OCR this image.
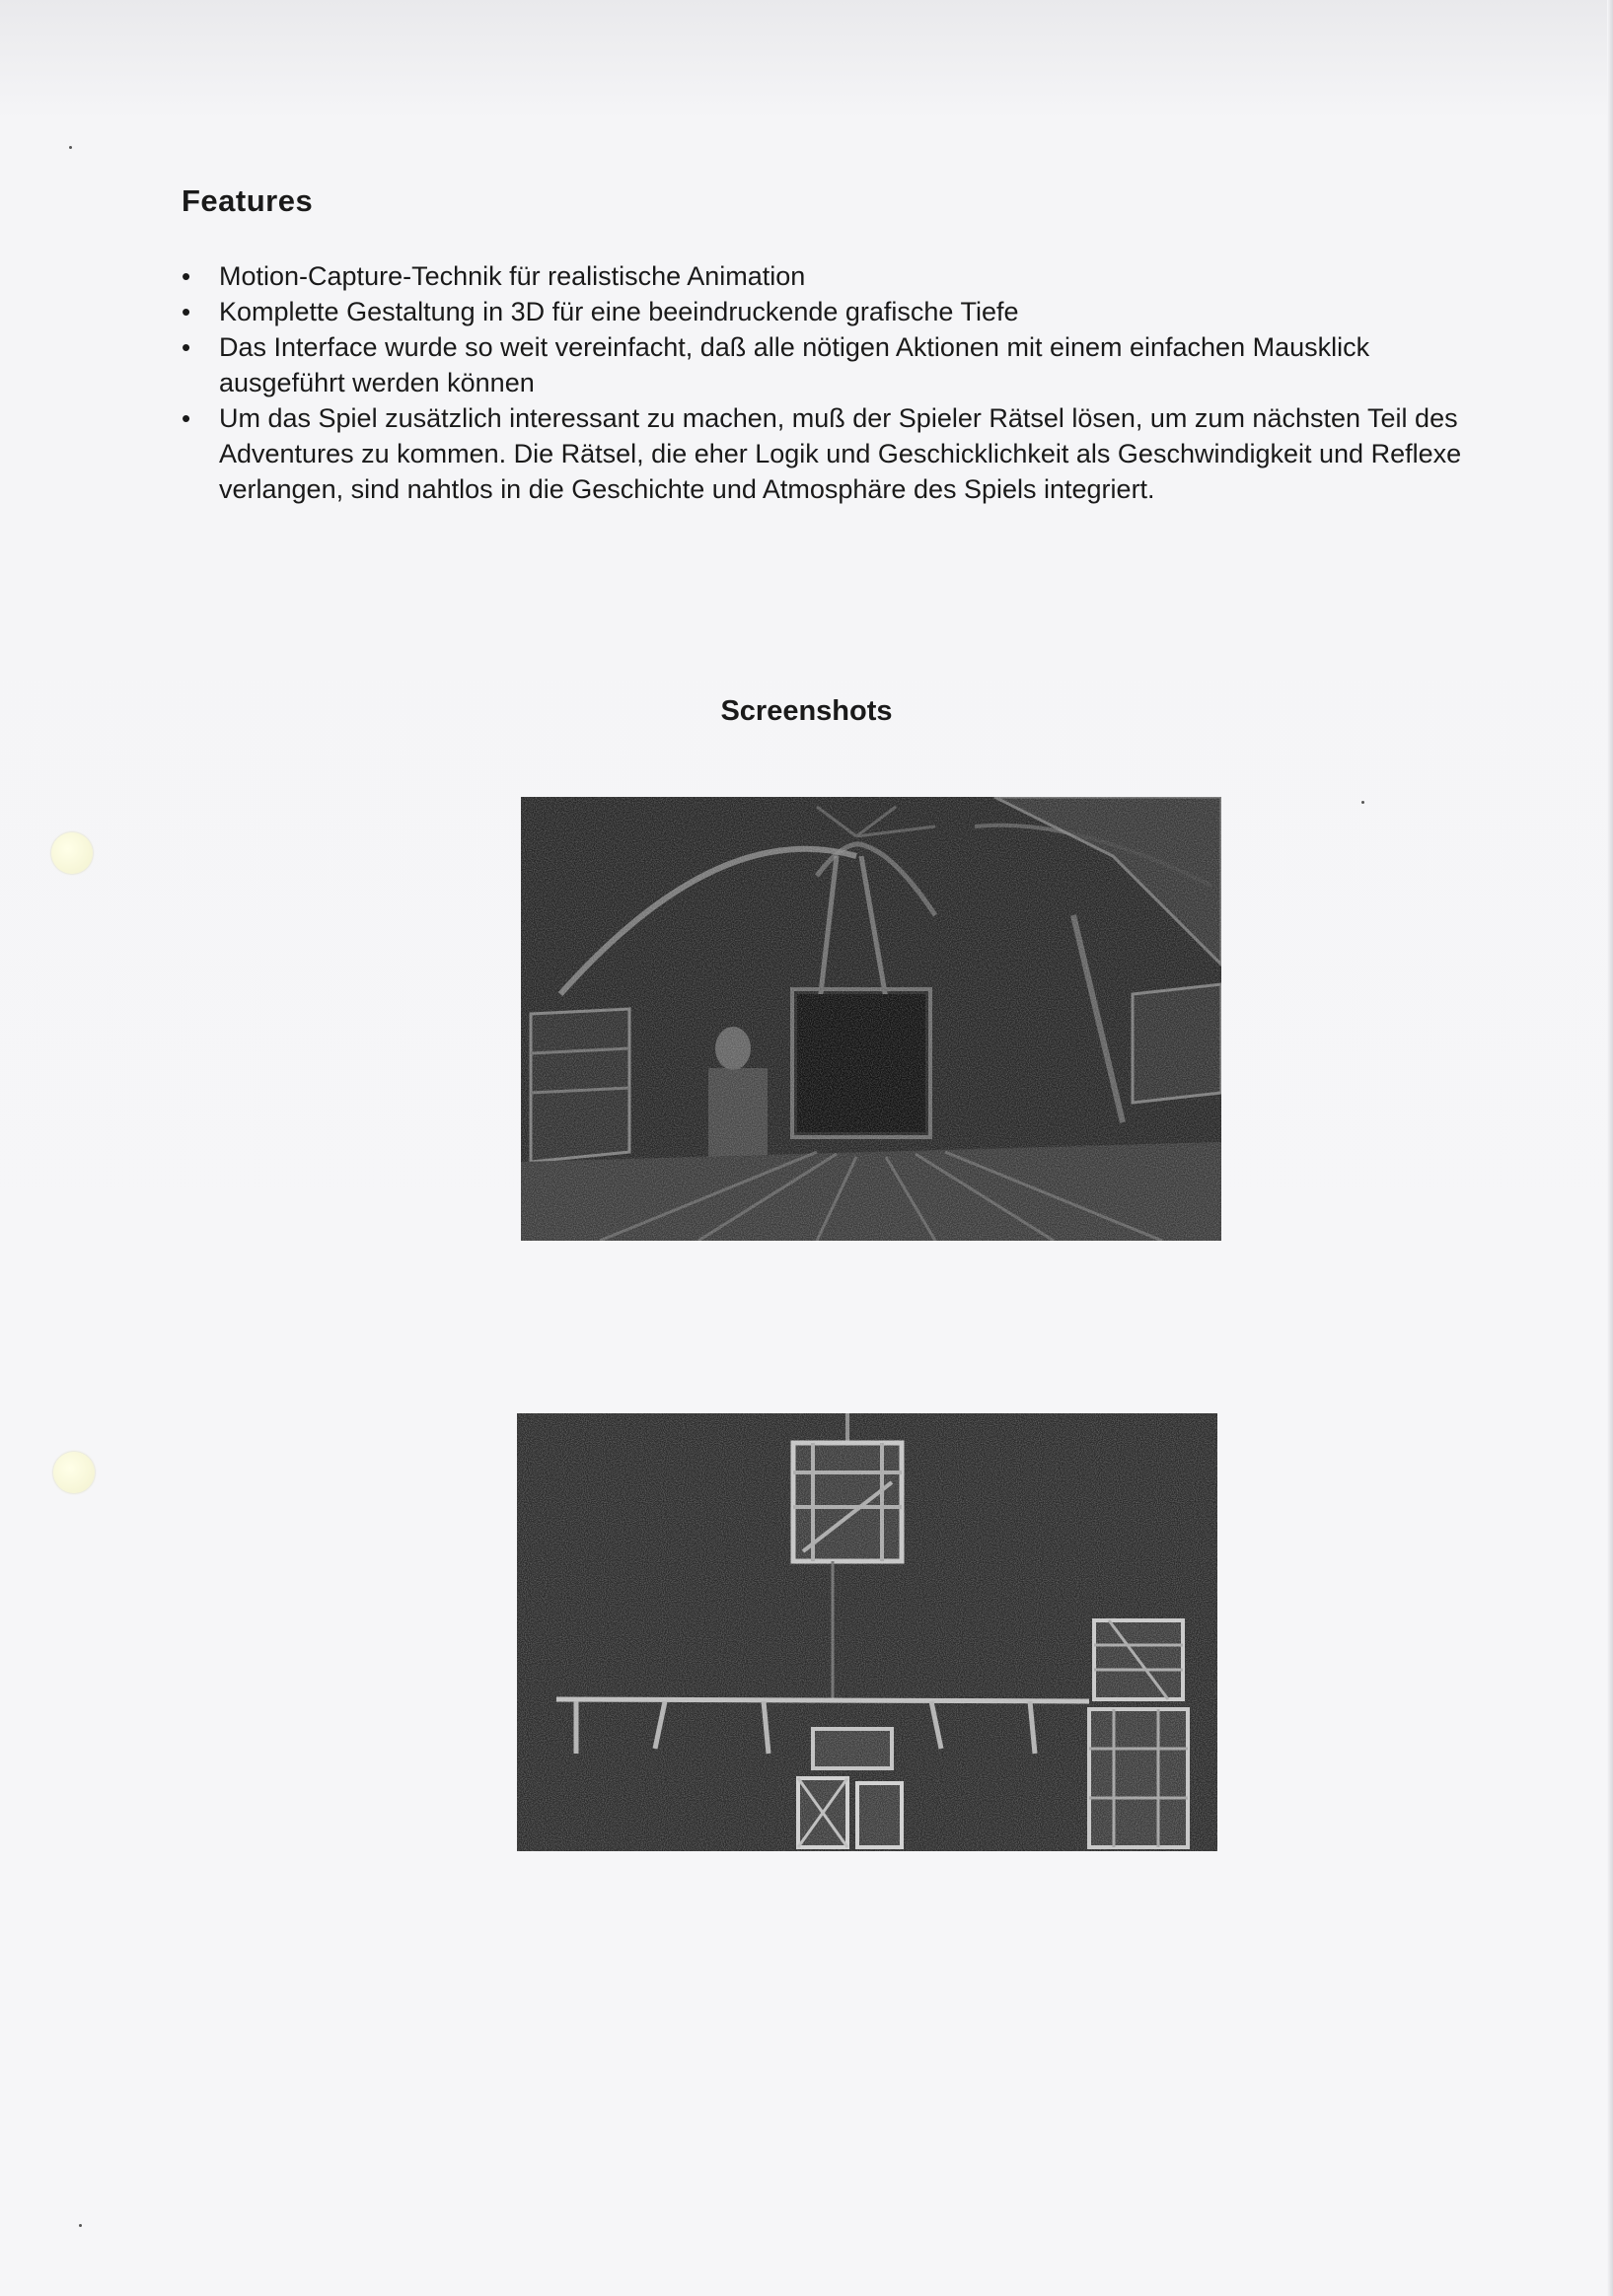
Features
• Motion-Capture-Technik für realistische Animation
• Komplette Gestaltung in 3D für eine beeindruckende grafische Tiefe
• Das Interface wurde so weit vereinfacht, daß alle nötigen Aktionen mit einem einfachen Mausklick ausgeführt werden können
• Um das Spiel zusätzlich interessant zu machen, muß der Spieler Rätsel lösen, um zum nächsten Teil des Adventures zu kommen. Die Rätsel, die eher Logik und Geschicklichkeit als Geschwindigkeit und Reflexe verlangen, sind nahtlos in die Geschichte und Atmosphäre des Spiels integriert.
Screenshots
